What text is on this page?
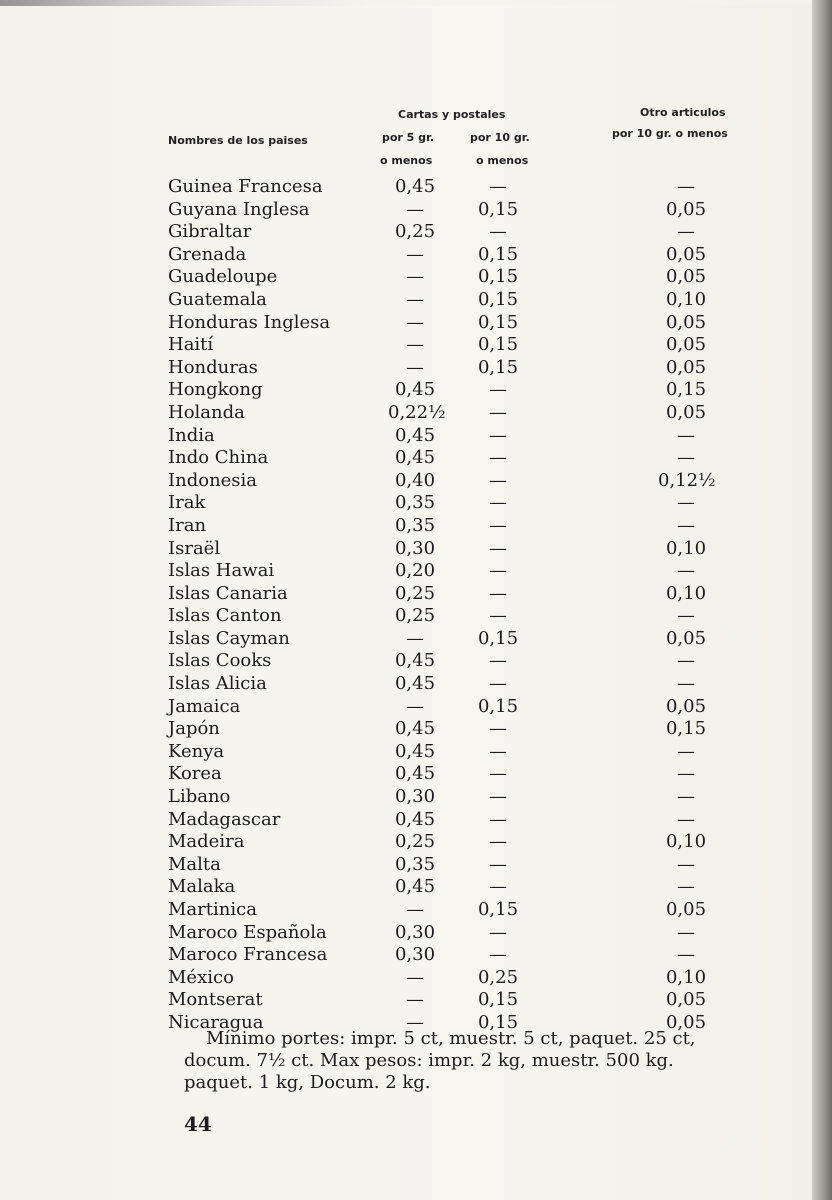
Nombres de los paises
Cartas y postales
por 5 gr.	por 10 gr.
o menos	o menos
Otro articulos
por 10 gr. o menos
Guinea Francesa	0,45	—	—
Guyana Inglesa	—	0,15	0,05
Gibraltar	0,25	—	—
Grenada	—	0,15	0,05
Guadeloupe	—	0,15	0,05
Guatemala	—	0,15	0,10
Honduras Inglesa	—	0,15	0,05
Haití	—	0,15	0,05
Honduras	—	0,15	0,05
Hongkong	0,45	—	0,15
Holanda	0,22½	—	0,05
India	0,45	—	—
Indo China	0,45	—	—
Indonesia	0,40	—	0,12½
Irak	0,35	—	—
Iran	0,35	—	—
Israël	0,30	—	0,10
Islas Hawai	0,20	—	—
Islas Canaria	0,25	—	0,10
Islas Canton	0,25	—	—
Islas Cayman	—	0,15	0,05
Islas Cooks	0,45	—	—
Islas Alicia	0,45	—	—
Jamaica	—	0,15	0,05
Japón	0,45	—	0,15
Kenya	0,45	—	—
Korea	0,45	—	—
Libano	0,30	—	—
Madagascar	0,45	—	—
Madeira	0,25	—	0,10
Malta	0,35	—	—
Malaka	0,45	—	—
Martinica	—	0,15	0,05
Maroco Española	0,30	—	—
Maroco Francesa	0,30	—	—
México	—	0,25	0,10
Montserat	—	0,15	0,05
Nicaragua	—	0,15	0,05

Mínimo portes: impr. 5 ct, muestr. 5 ct, paquet. 25 ct,

docum. 7½ ct. Max pesos: impr. 2 kg, muestr. 500 kg.

paquet. 1 kg, Docum. 2 kg.

44
